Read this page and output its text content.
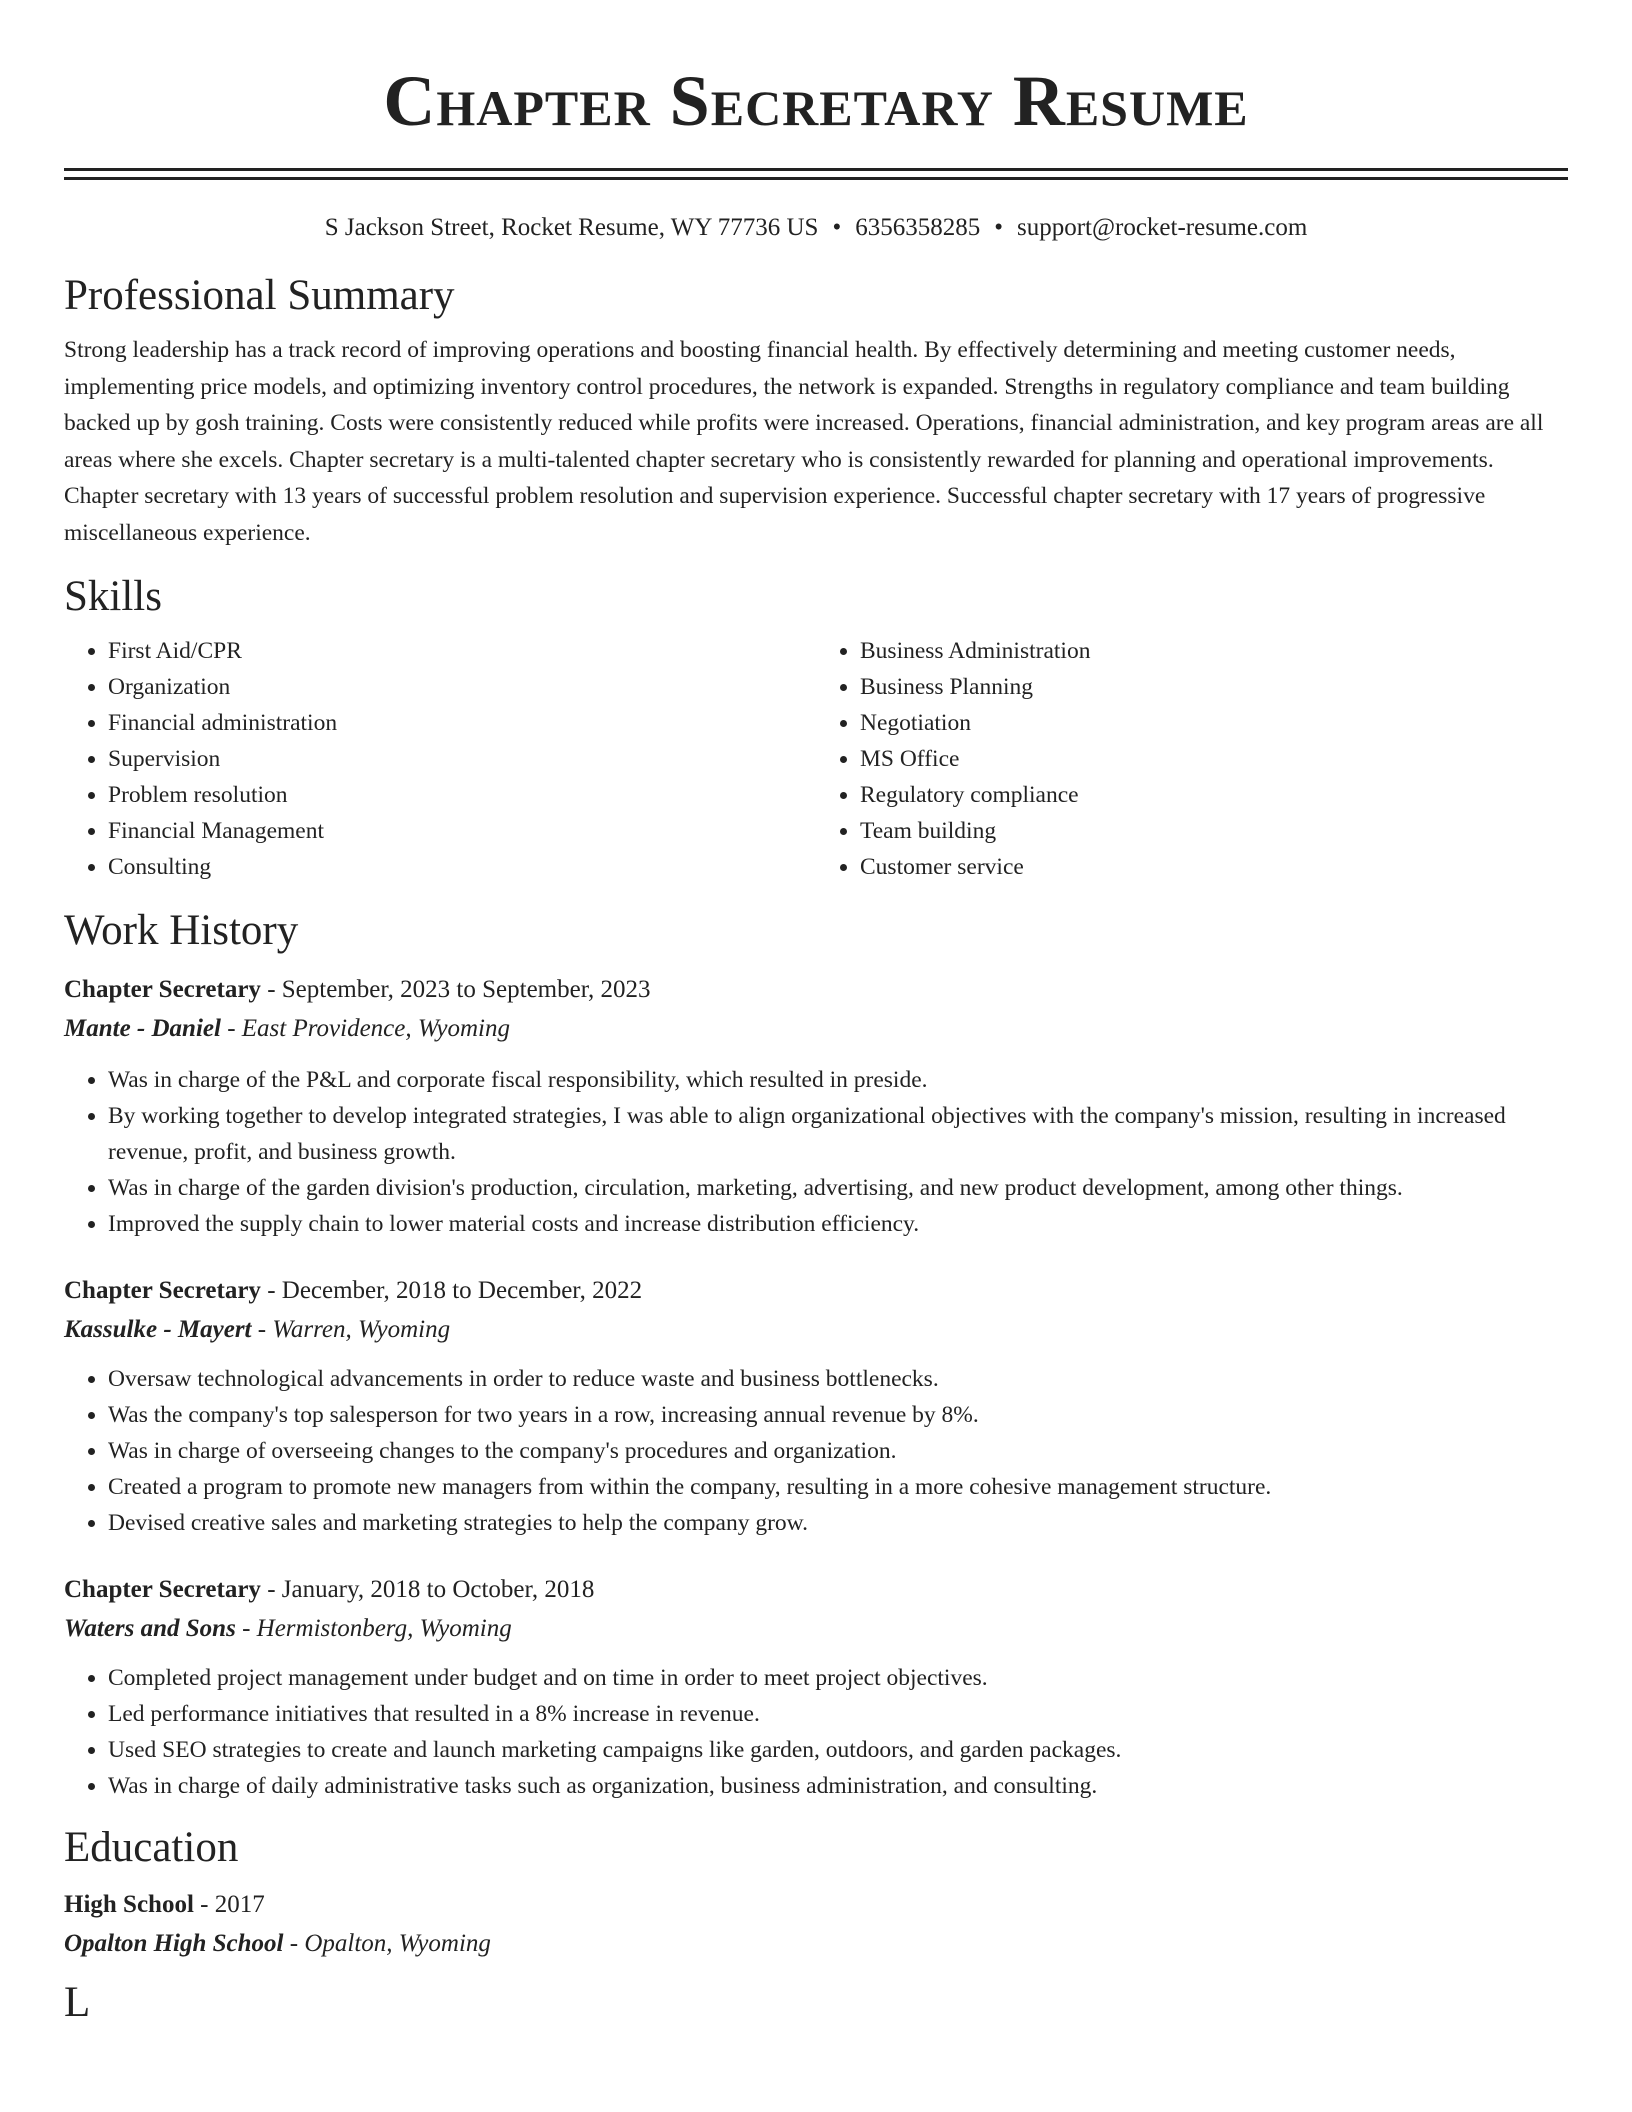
Chapter Secretary Resume
S Jackson Street, Rocket Resume, WY 77736 US • 6356358285 • support@rocket-resume.com
Professional Summary

Strong leadership has a track record of improving operations and boosting financial health. By effectively determining and meeting customer needs, implementing price models, and optimizing inventory control procedures, the network is expanded. Strengths in regulatory compliance and team building backed up by gosh training. Costs were consistently reduced while profits were increased. Operations, financial administration, and key program areas are all areas where she excels. Chapter secretary is a multi-talented chapter secretary who is consistently rewarded for planning and operational improvements. Chapter secretary with 13 years of successful problem resolution and supervision experience. Successful chapter secretary with 17 years of progressive miscellaneous experience.

Skills
• First Aid/CPR
• Organization
• Financial administration
• Supervision
• Problem resolution
• Financial Management
• Consulting
• Business Administration
• Business Planning
• Negotiation
• MS Office
• Regulatory compliance
• Team building
• Customer service
Work History
Chapter Secretary - September, 2023 to September, 2023
Mante - Daniel - East Providence, Wyoming
• Was in charge of the P&L and corporate fiscal responsibility, which resulted in preside.
• By working together to develop integrated strategies, I was able to align organizational objectives with the company's mission, resulting in increased revenue, profit, and business growth.
• Was in charge of the garden division's production, circulation, marketing, advertising, and new product development, among other things.
• Improved the supply chain to lower material costs and increase distribution efficiency.
Chapter Secretary - December, 2018 to December, 2022
Kassulke - Mayert - Warren, Wyoming
• Oversaw technological advancements in order to reduce waste and business bottlenecks.
• Was the company's top salesperson for two years in a row, increasing annual revenue by 8%.
• Was in charge of overseeing changes to the company's procedures and organization.
• Created a program to promote new managers from within the company, resulting in a more cohesive management structure.
• Devised creative sales and marketing strategies to help the company grow.
Chapter Secretary - January, 2018 to October, 2018
Waters and Sons - Hermistonberg, Wyoming
• Completed project management under budget and on time in order to meet project objectives.
• Led performance initiatives that resulted in a 8% increase in revenue.
• Used SEO strategies to create and launch marketing campaigns like garden, outdoors, and garden packages.
• Was in charge of daily administrative tasks such as organization, business administration, and consulting.
Education
High School - 2017
Opalton High School - Opalton, Wyoming
L
